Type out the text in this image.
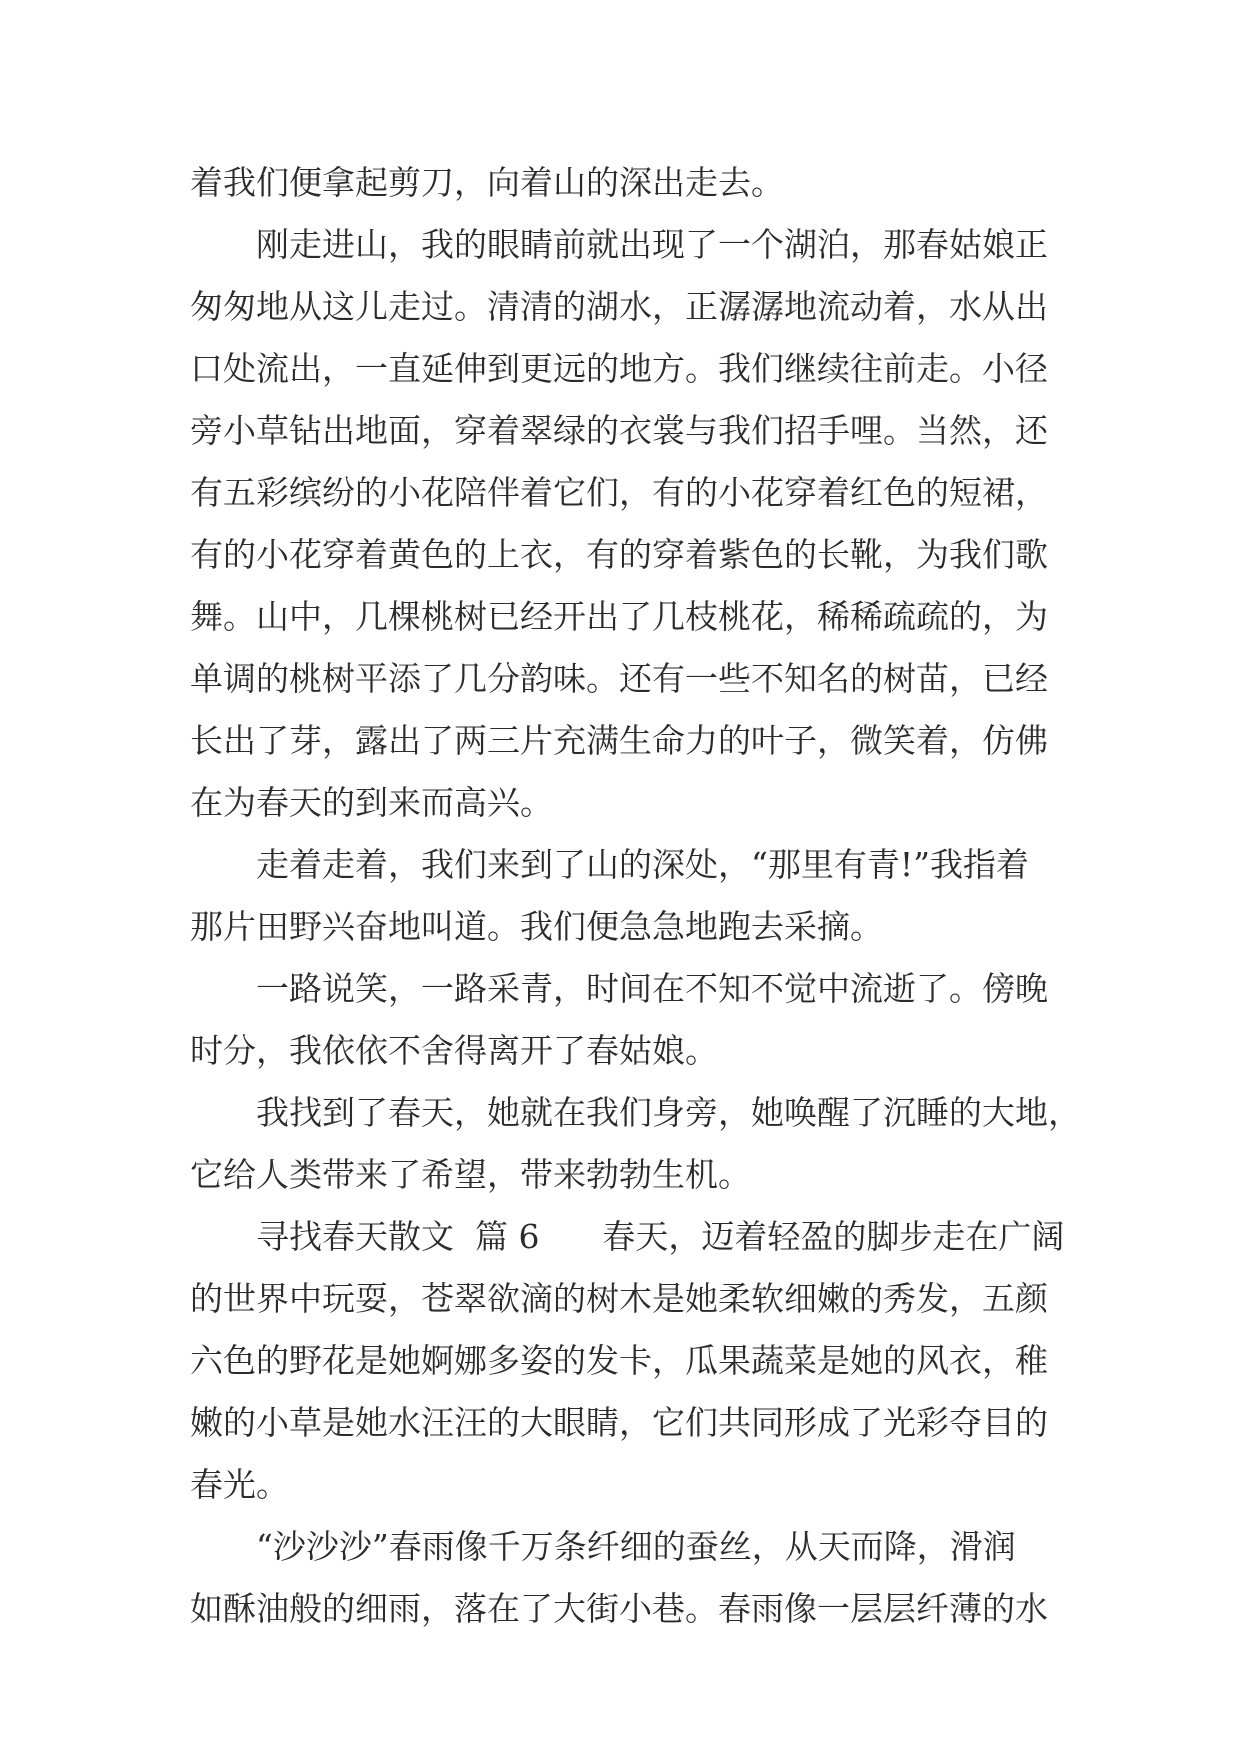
着我们便拿起剪刀，向着山的深出走去。
刚走进山，我的眼睛前就出现了一个湖泊，那春姑娘正
匆匆地从这儿走过。清清的湖水，正潺潺地流动着，水从出
口处流出，一直延伸到更远的地方。我们继续往前走。小径
旁小草钻出地面，穿着翠绿的衣裳与我们招手哩。当然，还
有五彩缤纷的小花陪伴着它们，有的小花穿着红色的短裙，
有的小花穿着黄色的上衣，有的穿着紫色的长靴，为我们歌
舞。山中，几棵桃树已经开出了几枝桃花，稀稀疏疏的，为
单调的桃树平添了几分韵味。还有一些不知名的树苗，已经
长出了芽，露出了两三片充满生命力的叶子，微笑着，仿佛
在为春天的到来而高兴。
走着走着，我们来到了山的深处，“那里有青!”我指着
那片田野兴奋地叫道。我们便急急地跑去采摘。
一路说笑，一路采青，时间在不知不觉中流逝了。傍晚
时分，我依依不舍得离开了春姑娘。
我找到了春天，她就在我们身旁，她唤醒了沉睡的大地，
它给人类带来了希望，带来勃勃生机。
寻找春天散文  篇 6      春天，迈着轻盈的脚步走在广阔
的世界中玩耍，苍翠欲滴的树木是她柔软细嫩的秀发，五颜
六色的野花是她婀娜多姿的发卡，瓜果蔬菜是她的风衣，稚
嫩的小草是她水汪汪的大眼睛，它们共同形成了光彩夺目的
春光。
“沙沙沙”春雨像千万条纤细的蚕丝，从天而降，滑润
如酥油般的细雨，落在了大街小巷。春雨像一层层纤薄的水
